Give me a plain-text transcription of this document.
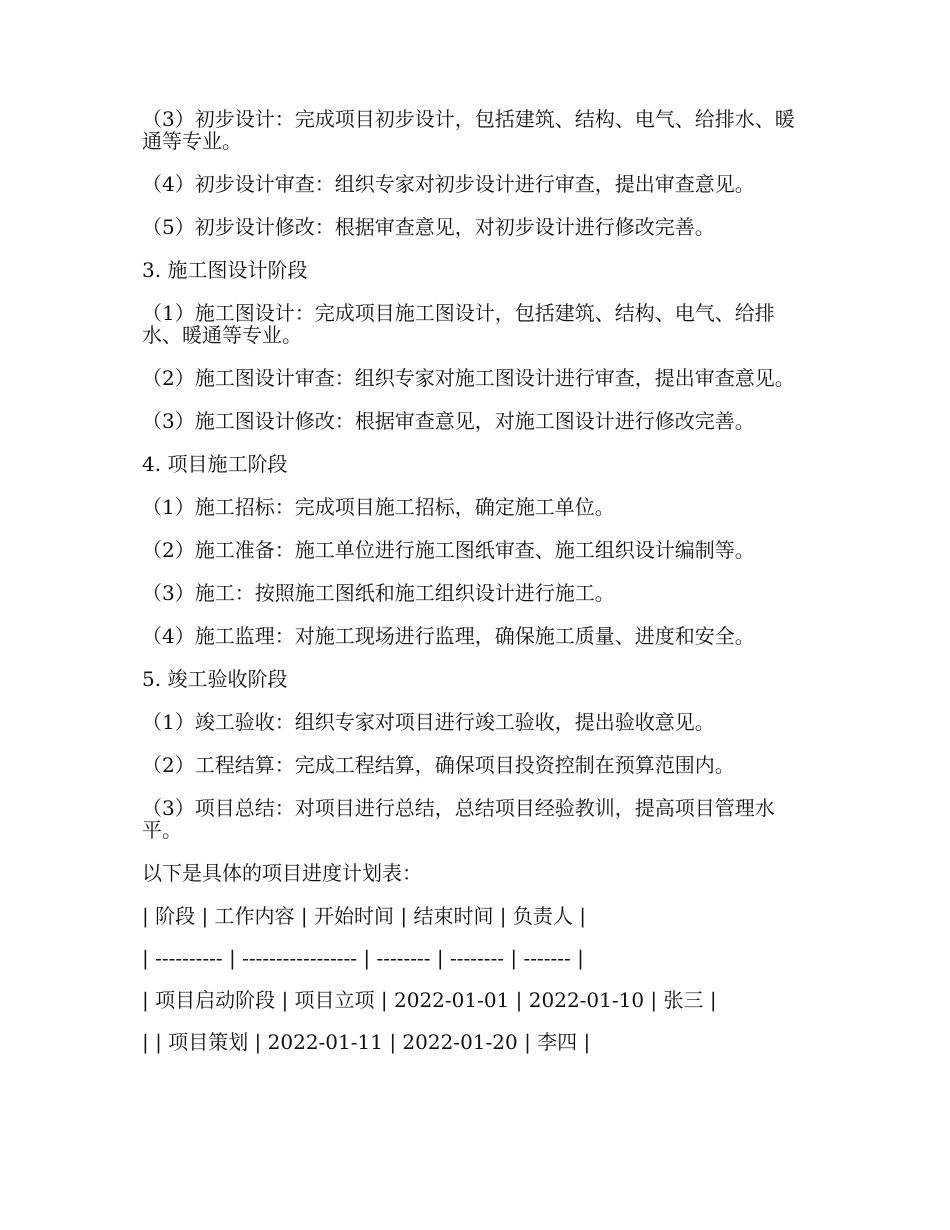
（3）初步设计：完成项目初步设计，包括建筑、结构、电气、给排水、暖通等专业。

（4）初步设计审查：组织专家对初步设计进行审查，提出审查意见。

（5）初步设计修改：根据审查意见，对初步设计进行修改完善。

3. 施工图设计阶段

（1）施工图设计：完成项目施工图设计，包括建筑、结构、电气、给排水、暖通等专业。

（2）施工图设计审查：组织专家对施工图设计进行审查，提出审查意见。

（3）施工图设计修改：根据审查意见，对施工图设计进行修改完善。

4. 项目施工阶段

（1）施工招标：完成项目施工招标，确定施工单位。

（2）施工准备：施工单位进行施工图纸审查、施工组织设计编制等。

（3）施工：按照施工图纸和施工组织设计进行施工。

（4）施工监理：对施工现场进行监理，确保施工质量、进度和安全。

5. 竣工验收阶段

（1）竣工验收：组织专家对项目进行竣工验收，提出验收意见。

（2）工程结算：完成工程结算，确保项目投资控制在预算范围内。

（3）项目总结：对项目进行总结，总结项目经验教训，提高项目管理水平。

以下是具体的项目进度计划表：

| 阶段 | 工作内容 | 开始时间 | 结束时间 | 负责人 |

| ---------- | ----------------- | -------- | -------- | ------- |

| 项目启动阶段 | 项目立项 | 2022-01-01 | 2022-01-10 | 张三 |

| | 项目策划 | 2022-01-11 | 2022-01-20 | 李四 |
